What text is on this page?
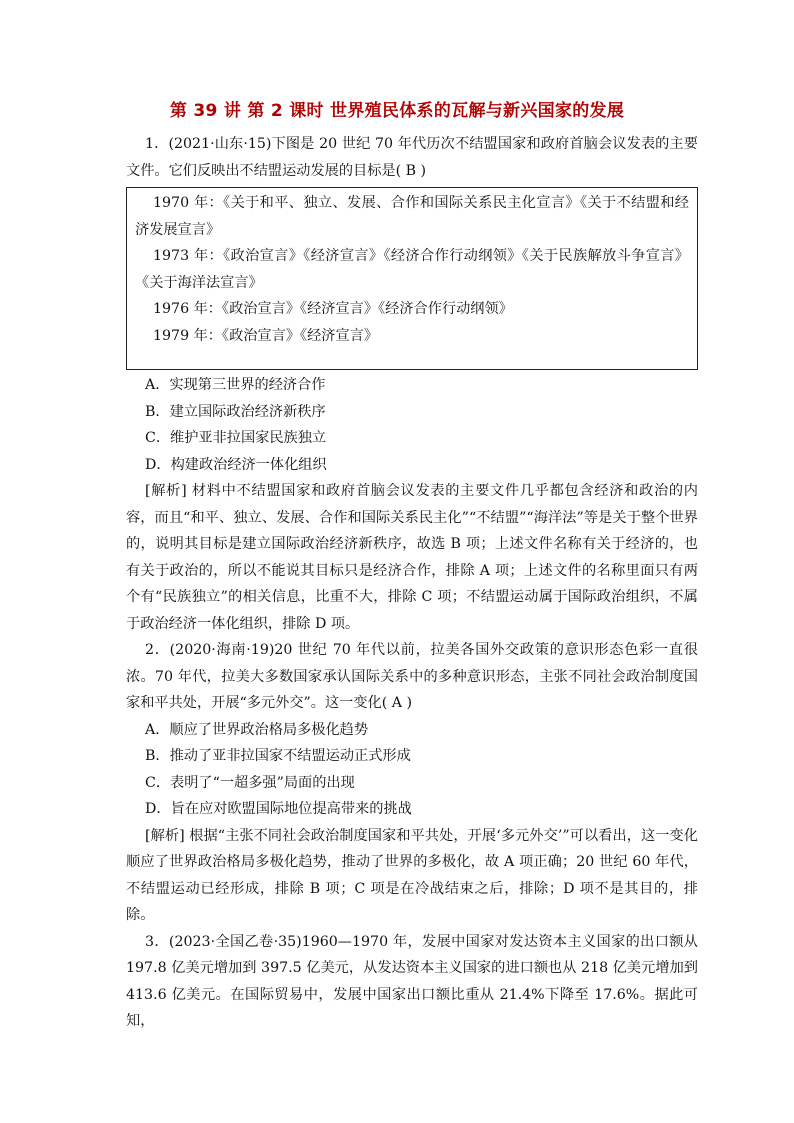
第 39 讲 第 2 课时 世界殖民体系的瓦解与新兴国家的发展

1．(2021·山东·15)下图是 20 世纪 70 年代历次不结盟国家和政府首脑会议发表的主要文件。它们反映出不结盟运动发展的目标是( B )

1970 年：《关于和平、独立、发展、合作和国际关系民主化宣言》《关于不结盟和经济发展宣言》

1973 年：《政治宣言》《经济宣言》《经济合作行动纲领》《关于民族解放斗争宣言》《关于海洋法宣言》

1976 年：《政治宣言》《经济宣言》《经济合作行动纲领》

1979 年：《政治宣言》《经济宣言》

A．实现第三世界的经济合作

B．建立国际政治经济新秩序

C．维护亚非拉国家民族独立

D．构建政治经济一体化组织

[解析] 材料中不结盟国家和政府首脑会议发表的主要文件几乎都包含经济和政治的内容，而且“和平、独立、发展、合作和国际关系民主化”“不结盟”“海洋法”等是关于整个世界的，说明其目标是建立国际政治经济新秩序，故选 B 项；上述文件名称有关于经济的，也有关于政治的，所以不能说其目标只是经济合作，排除 A 项；上述文件的名称里面只有两个有“民族独立”的相关信息，比重不大，排除 C 项；不结盟运动属于国际政治组织，不属于政治经济一体化组织，排除 D 项。

2．(2020·海南·19)20 世纪 70 年代以前，拉美各国外交政策的意识形态色彩一直很浓。70 年代，拉美大多数国家承认国际关系中的多种意识形态，主张不同社会政治制度国家和平共处，开展“多元外交”。这一变化( A )

A．顺应了世界政治格局多极化趋势

B．推动了亚非拉国家不结盟运动正式形成

C．表明了“一超多强”局面的出现

D．旨在应对欧盟国际地位提高带来的挑战

[解析] 根据“主张不同社会政治制度国家和平共处，开展‘多元外交’”可以看出，这一变化顺应了世界政治格局多极化趋势，推动了世界的多极化，故 A 项正确；20 世纪 60 年代，不结盟运动已经形成，排除 B 项；C 项是在冷战结束之后，排除；D 项不是其目的，排除。

3．(2023·全国乙卷·35)1960—1970 年，发展中国家对发达资本主义国家的出口额从 197.8 亿美元增加到 397.5 亿美元，从发达资本主义国家的进口额也从 218 亿美元增加到 413.6 亿美元。在国际贸易中，发展中国家出口额比重从 21.4%下降至 17.6%。据此可知，
